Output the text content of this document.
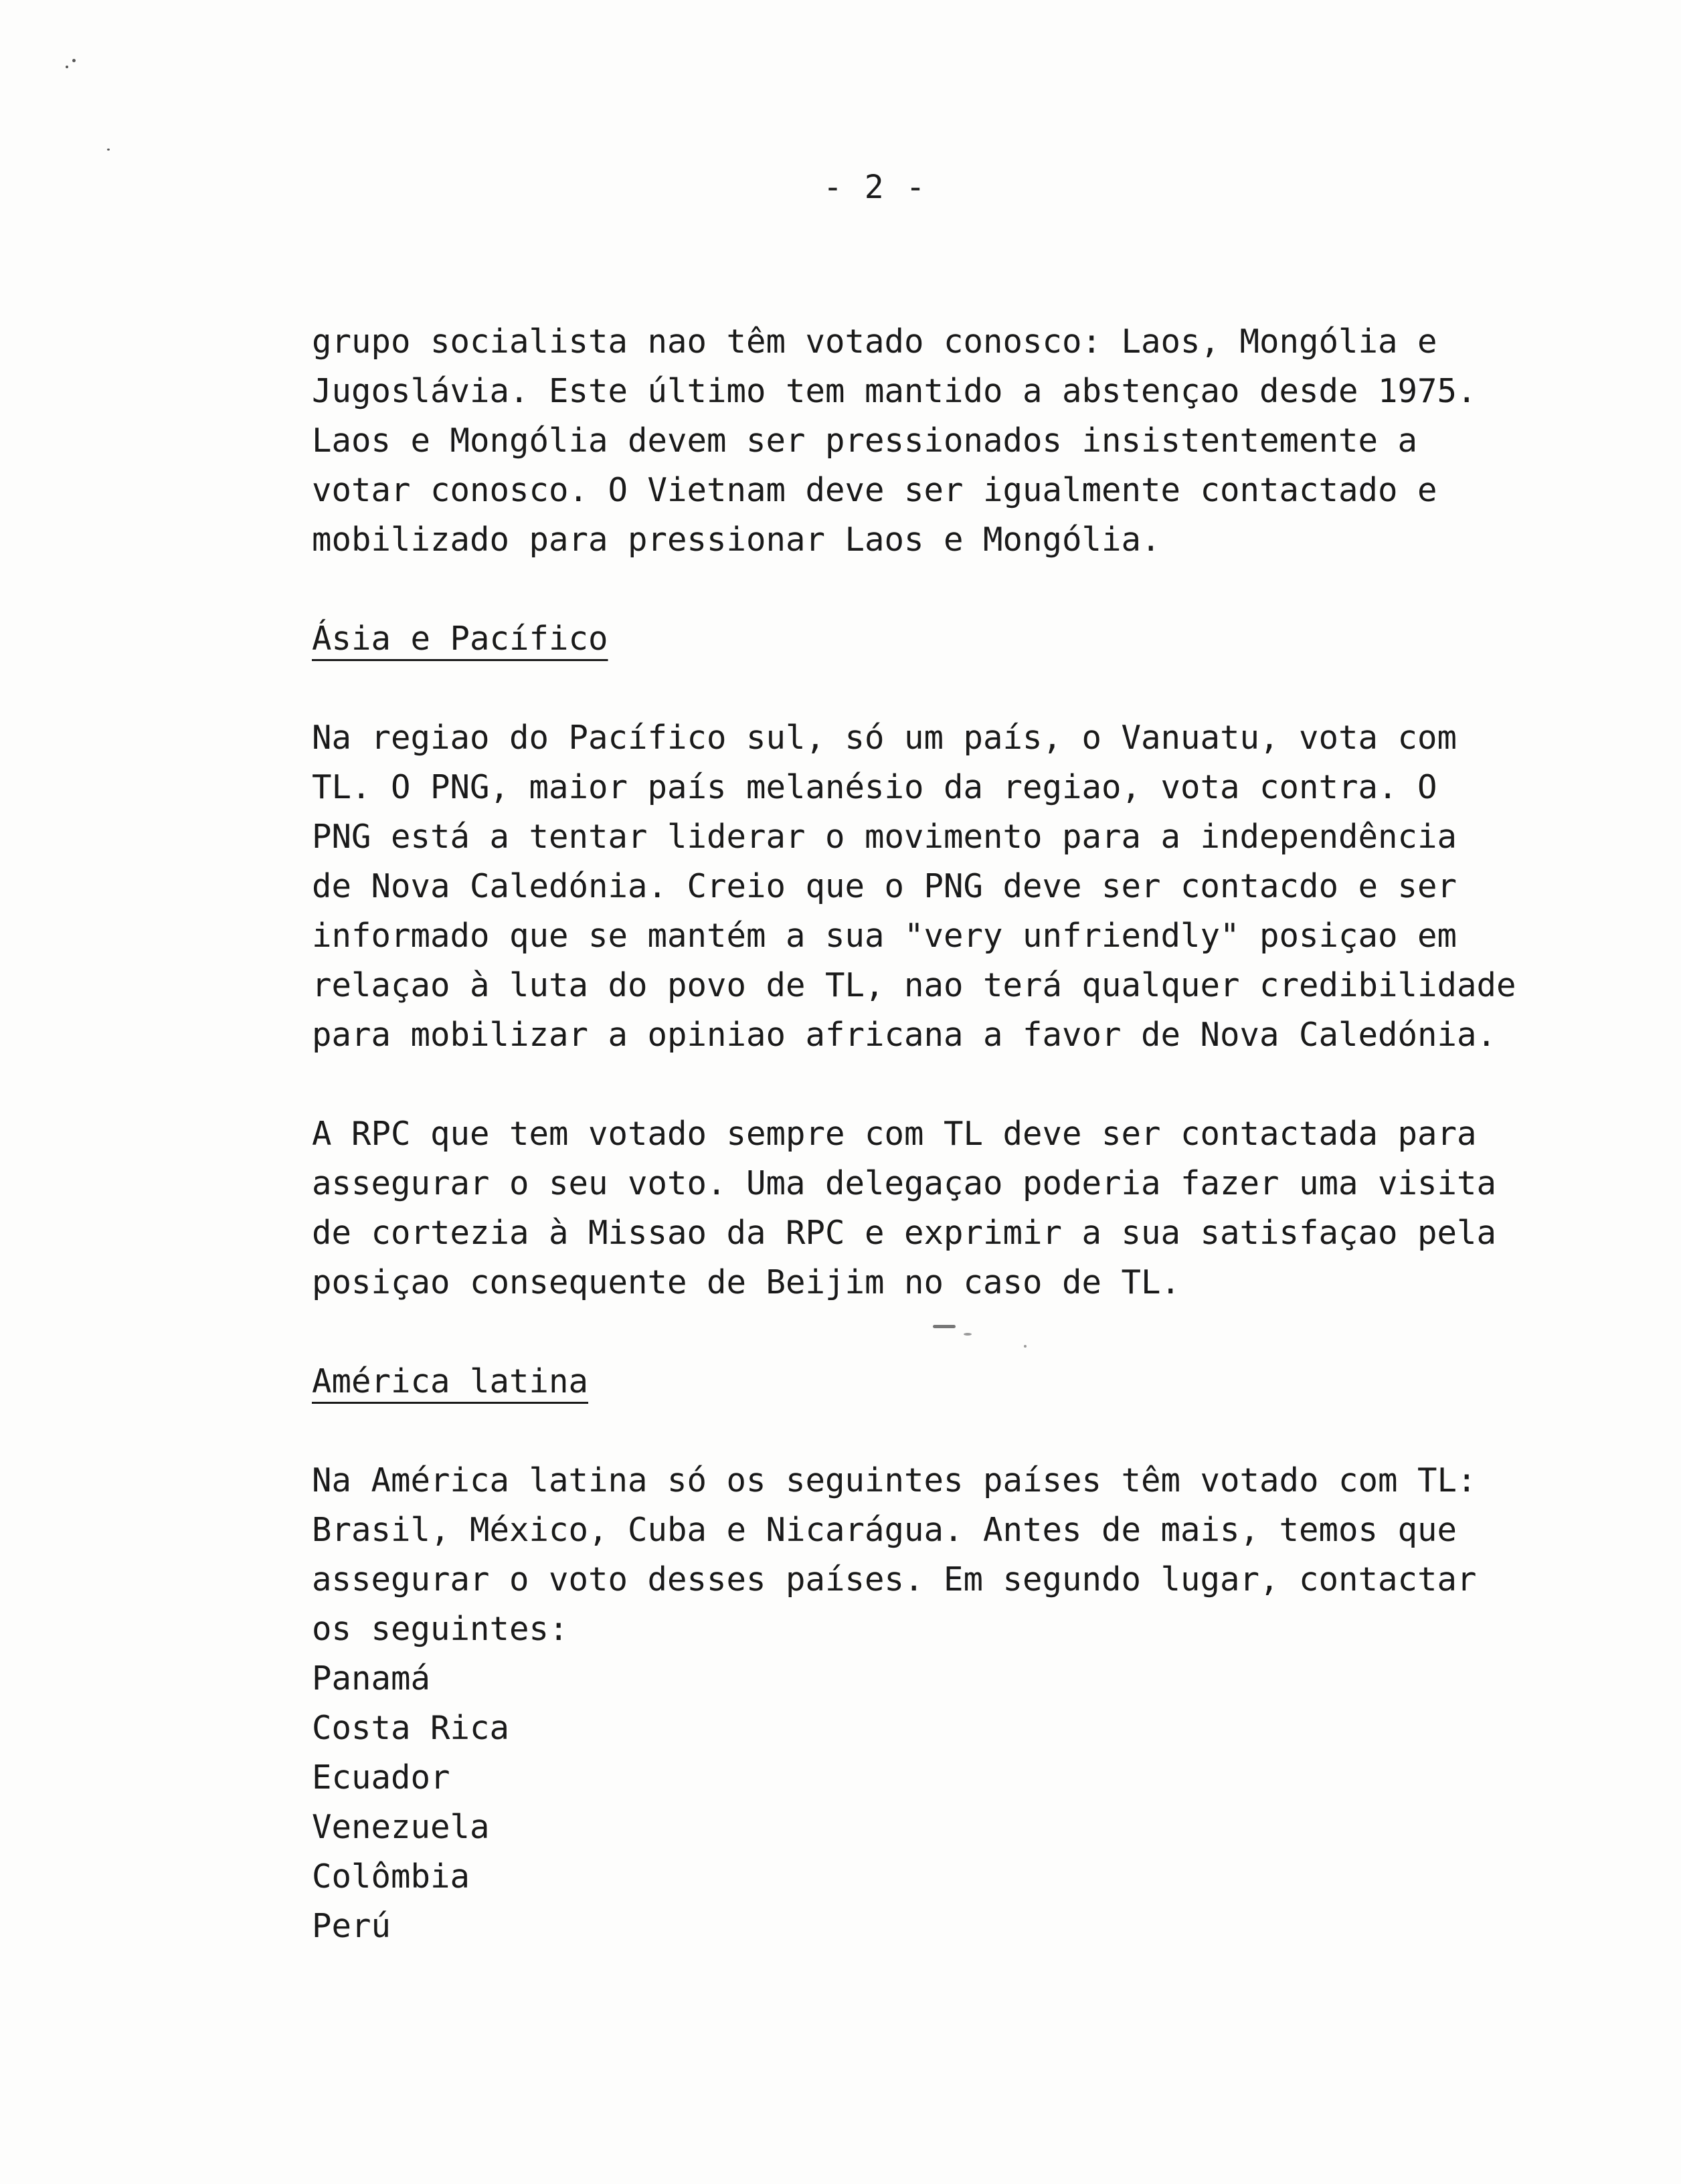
- 2 -
grupo socialista nao têm votado conosco: Laos, Mongólia e
Jugoslávia. Este último tem mantido a abstençao desde 1975.
Laos e Mongólia devem ser pressionados insistentemente a
votar conosco. O Vietnam deve ser igualmente contactado e
mobilizado para pressionar Laos e Mongólia.
Ásia e Pacífico
Na regiao do Pacífico sul, só um país, o Vanuatu, vota com
TL. O PNG, maior país melanésio da regiao, vota contra. O
PNG está a tentar liderar o movimento para a independência
de Nova Caledónia. Creio que o PNG deve ser contacdo e ser
informado que se mantém a sua "very unfriendly" posiçao em
relaçao à luta do povo de TL, nao terá qualquer credibilidade
para mobilizar a opiniao africana a favor de Nova Caledónia.
A RPC que tem votado sempre com TL deve ser contactada para
assegurar o seu voto. Uma delegaçao poderia fazer uma visita
de cortezia à Missao da RPC e exprimir a sua satisfaçao pela
posiçao consequente de Beijim no caso de TL.
América latina
Na América latina só os seguintes países têm votado com TL:
Brasil, México, Cuba e Nicarágua. Antes de mais, temos que
assegurar o voto desses países. Em segundo lugar, contactar
os seguintes:
Panamá
Costa Rica
Ecuador
Venezuela
Colômbia
Perú
